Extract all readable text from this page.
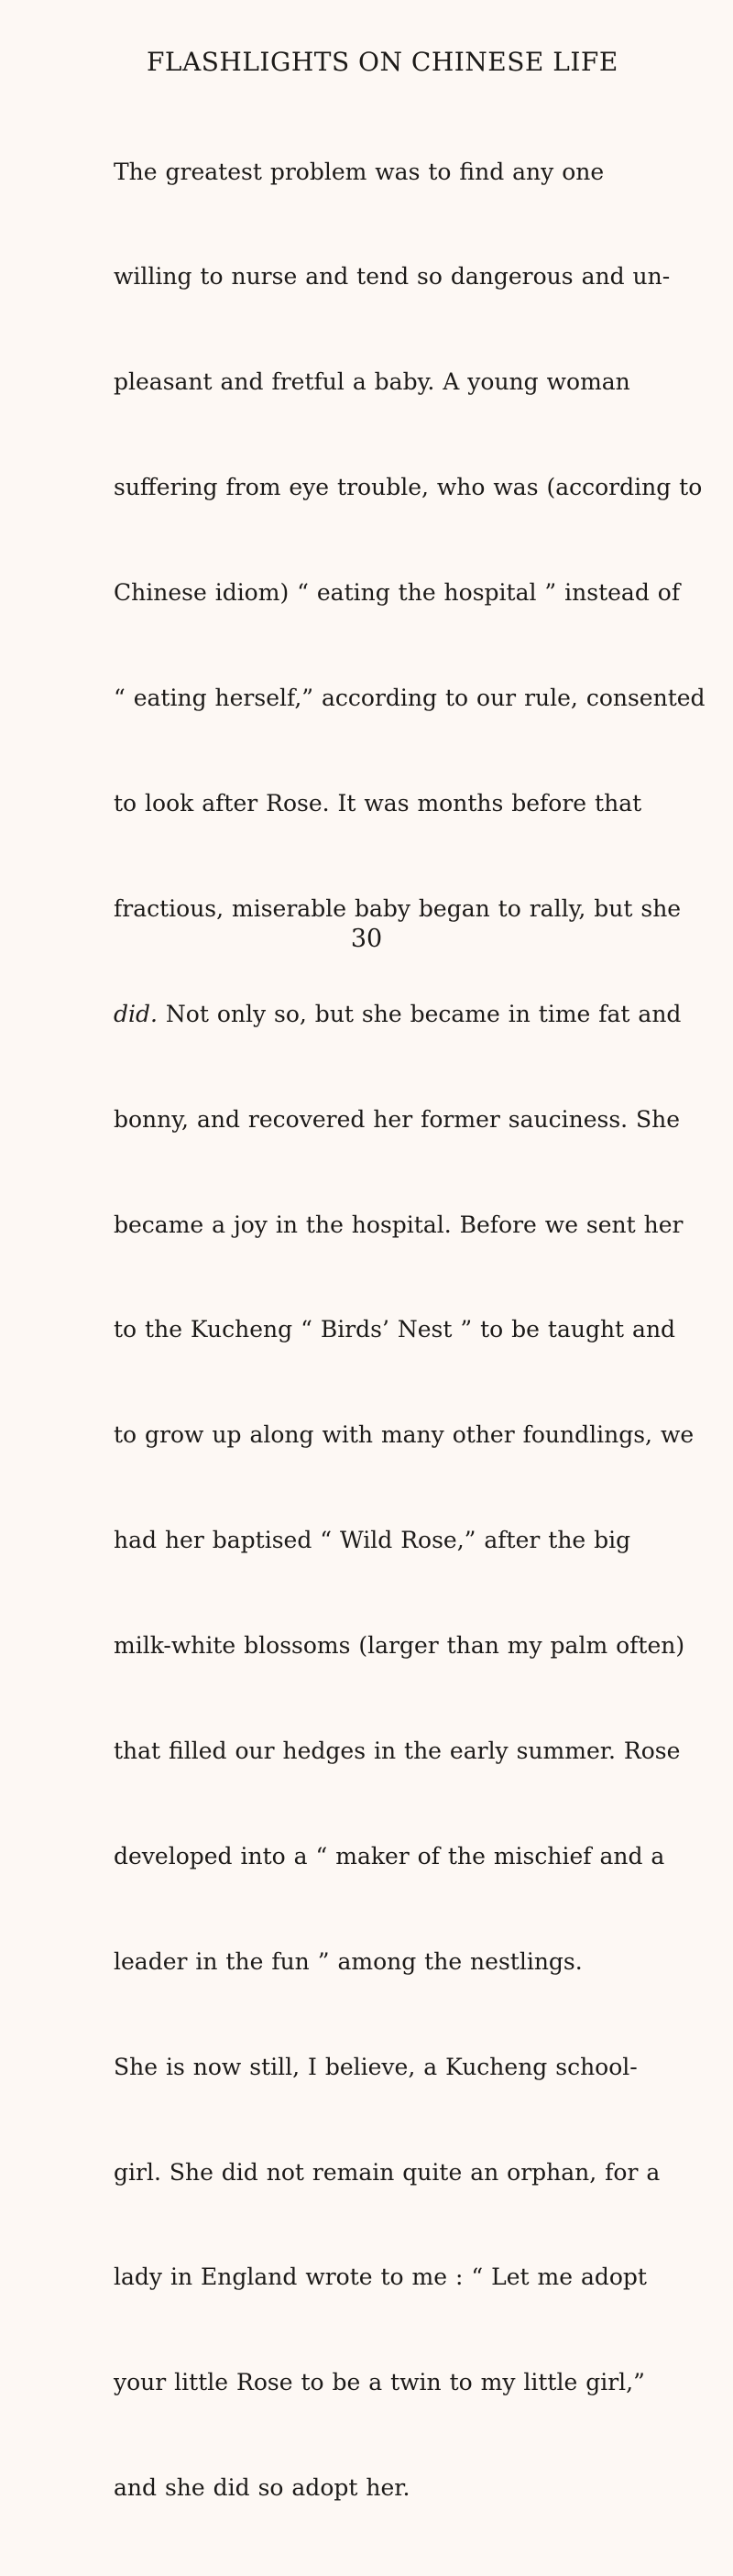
FLASHLIGHTS ON CHINESE LIFE

The greatest problem was to find any one

willing to nurse and tend so dangerous and un-

pleasant and fretful a baby. A young woman

suffering from eye trouble, who was (according to

Chinese idiom) “ eating the hospital ” instead of

“ eating herself,” according to our rule, consented

to look after Rose. It was months before that

fractious, miserable baby began to rally, but she

did. Not only so, but she became in time fat and

bonny, and recovered her former sauciness. She

became a joy in the hospital. Before we sent her

to the Kucheng “ Birds’ Nest ” to be taught and

to grow up along with many other foundlings, we

had her baptised “ Wild Rose,” after the big

milk-white blossoms (larger than my palm often)

that filled our hedges in the early summer. Rose

developed into a “ maker of the mischief and a

leader in the fun ” among the nestlings.

She is now still, I believe, a Kucheng school-

girl. She did not remain quite an orphan, for a

lady in England wrote to me : “ Let me adopt

your little Rose to be a twin to my little girl,”

and she did so adopt her.

30
